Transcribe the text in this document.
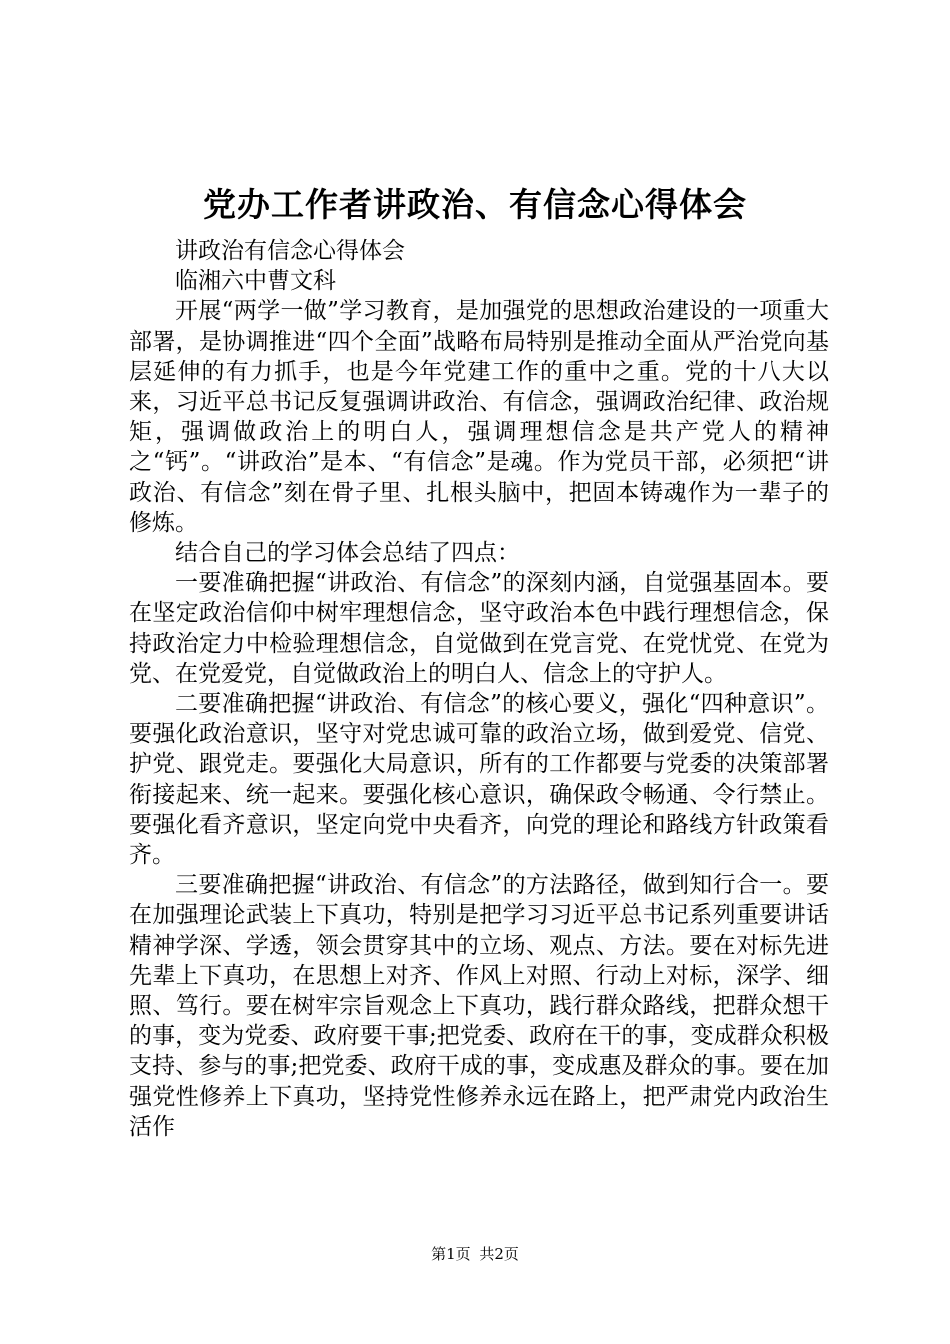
党办工作者讲政治、有信念心得体会

讲政治有信念心得体会

临湘六中曹文科

开展“两学一做”学习教育，是加强党的思想政治建设的一项重大部署，是协调推进“四个全面”战略布局特别是推动全面从严治党向基层延伸的有力抓手，也是今年党建工作的重中之重。党的十八大以来，习近平总书记反复强调讲政治、有信念，强调政治纪律、政治规矩，强调做政治上的明白人，强调理想信念是共产党人的精神之“钙”。“讲政治”是本、“有信念”是魂。作为党员干部，必须把“讲政治、有信念”刻在骨子里、扎根头脑中，把固本铸魂作为一辈子的修炼。

结合自己的学习体会总结了四点：

一要准确把握“讲政治、有信念”的深刻内涵，自觉强基固本。要在坚定政治信仰中树牢理想信念，坚守政治本色中践行理想信念，保持政治定力中检验理想信念，自觉做到在党言党、在党忧党、在党为党、在党爱党，自觉做政治上的明白人、信念上的守护人。

二要准确把握“讲政治、有信念”的核心要义，强化“四种意识”。要强化政治意识，坚守对党忠诚可靠的政治立场，做到爱党、信党、护党、跟党走。要强化大局意识，所有的工作都要与党委的决策部署衔接起来、统一起来。要强化核心意识，确保政令畅通、令行禁止。要强化看齐意识，坚定向党中央看齐，向党的理论和路线方针政策看齐。

三要准确把握“讲政治、有信念”的方法路径，做到知行合一。要在加强理论武装上下真功，特别是把学习习近平总书记系列重要讲话精神学深、学透，领会贯穿其中的立场、观点、方法。要在对标先进先辈上下真功，在思想上对齐、作风上对照、行动上对标，深学、细照、笃行。要在树牢宗旨观念上下真功，践行群众路线，把群众想干的事，变为党委、政府要干事;把党委、政府在干的事，变成群众积极支持、参与的事;把党委、政府干成的事，变成惠及群众的事。要在加强党性修养上下真功，坚持党性修养永远在路上，把严肃党内政治生活作

第1页 共2页
